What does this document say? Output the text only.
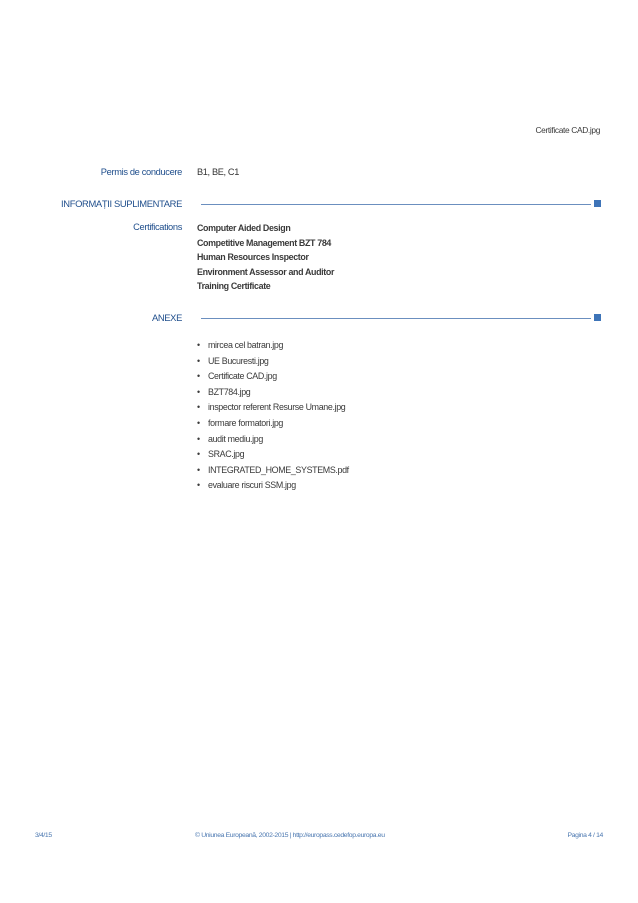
Certificate CAD.jpg
Permis de conducere B1, BE, C1
INFORMAȚII SUPLIMENTARE
Certifications Computer Aided Design
Competitive Management BZT 784
Human Resources Inspector
Environment Assessor and Auditor
Training Certificate
ANEXE
• mircea cel batran.jpg
• UE Bucuresti.jpg
• Certificate CAD.jpg
• BZT784.jpg
• inspector referent Resurse Umane.jpg
• formare formatori.jpg
• audit mediu.jpg
• SRAC.jpg
• INTEGRATED_HOME_SYSTEMS.pdf
• evaluare riscuri SSM.jpg
3/4/15	© Uniunea Europeană, 2002-2015 | http://europass.cedefop.europa.eu	Pagina 4 / 14
